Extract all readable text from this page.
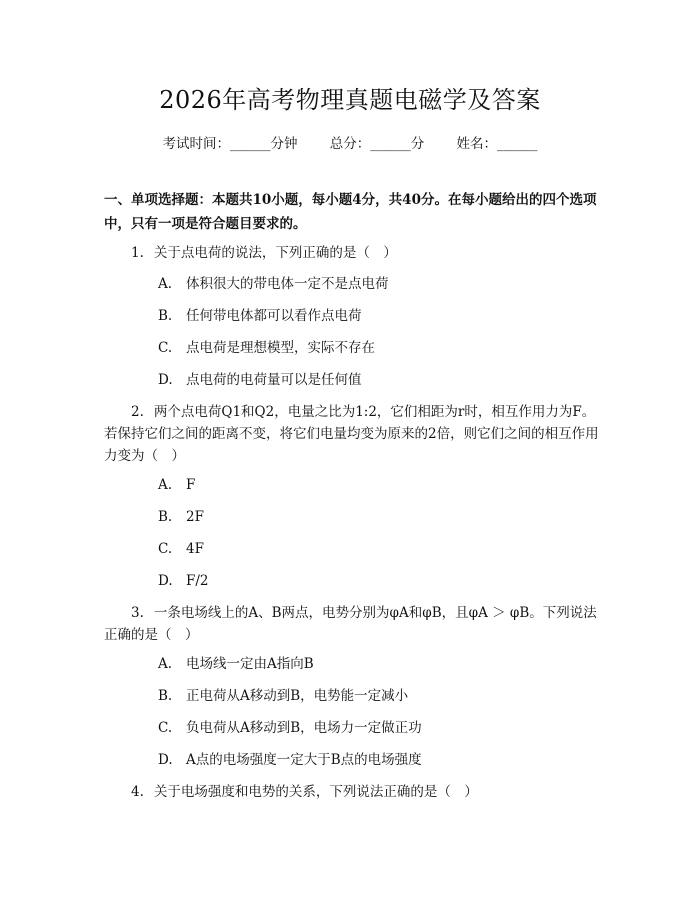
2026年高考物理真题电磁学及答案
考试时间：______分钟 总分：______分 姓名：______
一、单项选择题：本题共10小题，每小题4分，共40分。在每小题给出的四个选项中，只有一项是符合题目要求的。
1. 关于点电荷的说法，下列正确的是（　）
A. 体积很大的带电体一定不是点电荷
B. 任何带电体都可以看作点电荷
C. 点电荷是理想模型，实际不存在
D. 点电荷的电荷量可以是任何值
2. 两个点电荷Q1和Q2，电量之比为1:2，它们相距为r时，相互作用力为F。若保持它们之间的距离不变，将它们电量均变为原来的2倍，则它们之间的相互作用力变为（　）
A. F
B. 2F
C. 4F
D. F/2
3. 一条电场线上的A、B两点，电势分别为φA和φB，且φA ＞ φB。下列说法正确的是（　）
A. 电场线一定由A指向B
B. 正电荷从A移动到B，电势能一定减小
C. 负电荷从A移动到B，电场力一定做正功
D. A点的电场强度一定大于B点的电场强度
4. 关于电场强度和电势的关系，下列说法正确的是（　）
